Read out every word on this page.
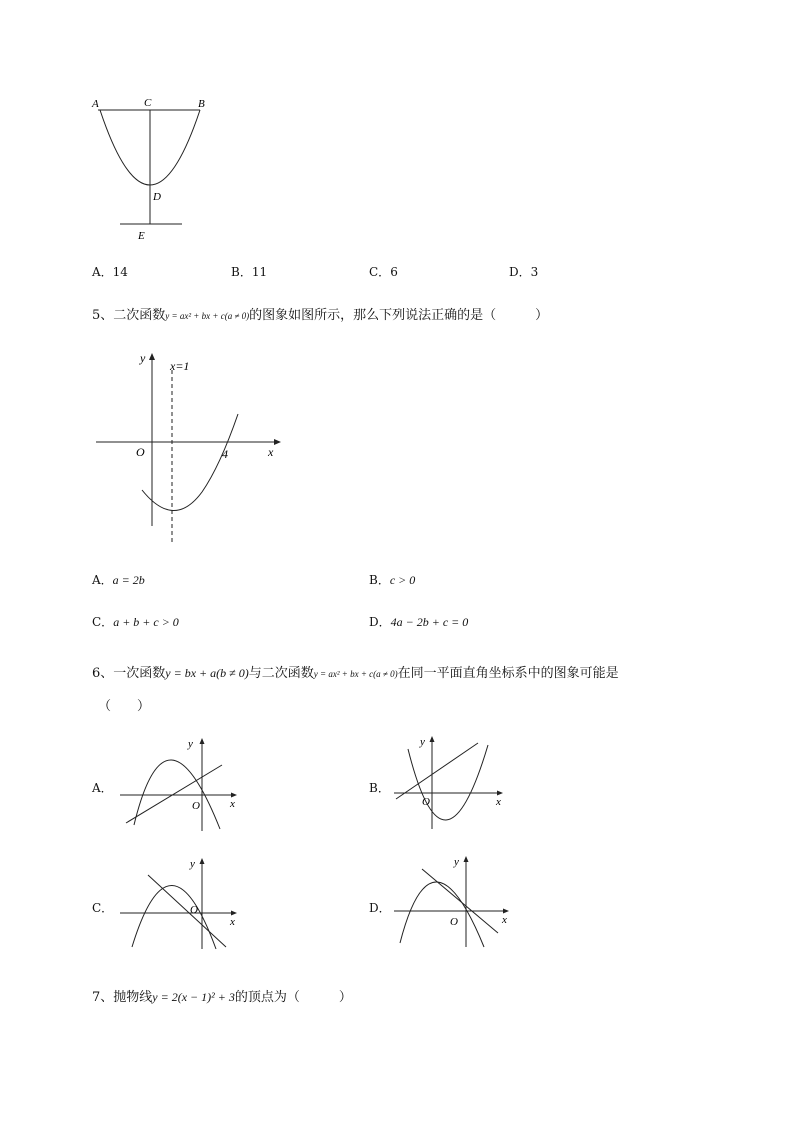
A	C	B
D
E
A．14	B．11	C．6	D．3
5、二次函数y = ax² + bx + c(a ≠ 0)的图象如图所示，那么下列说法正确的是（　　　）
y
x=1
O	4	x
A．a = 2b	B．c > 0
C．a + b + c > 0	D．4a − 2b + c = 0
6、一次函数y = bx + a(b ≠ 0)与二次函数y = ax² + bx + c(a ≠ 0)在同一平面直角坐标系中的图象可能是
（　　）
A．
y
O	x
B．
y
O	x
C．
y
O
x
D．
y
O	x
7、抛物线y = 2(x − 1)² + 3的顶点为（　　　）
